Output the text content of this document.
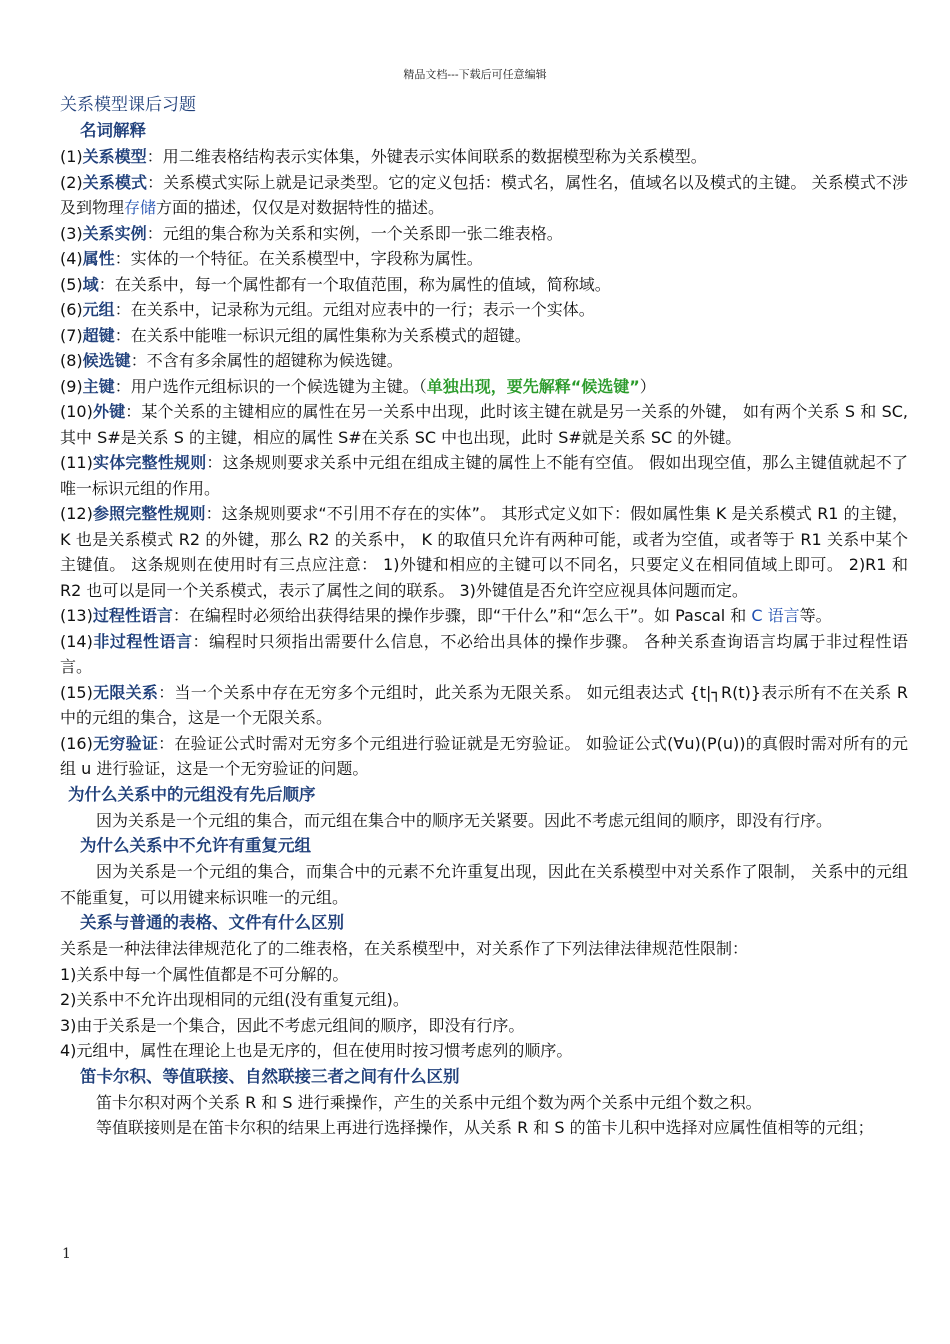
精品文档---下载后可任意编辑
关系模型课后习题
名词解释
(1)关系模型：用二维表格结构表示实体集，外键表示实体间联系的数据模型称为关系模型。
(2)关系模式：关系模式实际上就是记录类型。它的定义包括：模式名，属性名，值域名以及模式的主键。 关系模式不涉及到物理存储方面的描述，仅仅是对数据特性的描述。
(3)关系实例：元组的集合称为关系和实例，一个关系即一张二维表格。
(4)属性：实体的一个特征。在关系模型中，字段称为属性。
(5)域：在关系中，每一个属性都有一个取值范围，称为属性的值域，简称域。
(6)元组：在关系中，记录称为元组。元组对应表中的一行；表示一个实体。
(7)超键：在关系中能唯一标识元组的属性集称为关系模式的超键。
(8)候选键：不含有多余属性的超键称为候选键。
(9)主键：用户选作元组标识的一个候选键为主键。（单独出现，要先解释“候选键”）
(10)外键：某个关系的主键相应的属性在另一关系中出现，此时该主键在就是另一关系的外键， 如有两个关系 S 和 SC,其中 S#是关系 S 的主键，相应的属性 S#在关系 SC 中也出现，此时 S#就是关系 SC 的外键。
(11)实体完整性规则：这条规则要求关系中元组在组成主键的属性上不能有空值。 假如出现空值，那么主键值就起不了唯一标识元组的作用。
(12)参照完整性规则：这条规则要求“不引用不存在的实体”。 其形式定义如下：假如属性集 K 是关系模式 R1 的主键，K 也是关系模式 R2 的外键，那么 R2 的关系中， K 的取值只允许有两种可能，或者为空值，或者等于 R1 关系中某个主键值。 这条规则在使用时有三点应注意： 1)外键和相应的主键可以不同名，只要定义在相同值域上即可。 2)R1 和 R2 也可以是同一个关系模式，表示了属性之间的联系。 3)外键值是否允许空应视具体问题而定。
(13)过程性语言：在编程时必须给出获得结果的操作步骤，即“干什么”和“怎么干”。如 Pascal 和 C 语言等。
(14)非过程性语言：编程时只须指出需要什么信息，不必给出具体的操作步骤。 各种关系查询语言均属于非过程性语言。
(15)无限关系：当一个关系中存在无穷多个元组时，此关系为无限关系。 如元组表达式 {t|┐R(t)}表示所有不在关系 R 中的元组的集合，这是一个无限关系。
(16)无穷验证：在验证公式时需对无穷多个元组进行验证就是无穷验证。 如验证公式(∀u)(P(u))的真假时需对所有的元组 u 进行验证，这是一个无穷验证的问题。
为什么关系中的元组没有先后顺序
因为关系是一个元组的集合，而元组在集合中的顺序无关紧要。因此不考虑元组间的顺序，即没有行序。
为什么关系中不允许有重复元组
因为关系是一个元组的集合，而集合中的元素不允许重复出现，因此在关系模型中对关系作了限制， 关系中的元组不能重复，可以用键来标识唯一的元组。
关系与普通的表格、文件有什么区别
关系是一种法律法律规范化了的二维表格，在关系模型中，对关系作了下列法律法律规范性限制：
1)关系中每一个属性值都是不可分解的。
2)关系中不允许出现相同的元组(没有重复元组)。
3)由于关系是一个集合，因此不考虑元组间的顺序，即没有行序。
4)元组中，属性在理论上也是无序的，但在使用时按习惯考虑列的顺序。
笛卡尔积、等值联接、自然联接三者之间有什么区别
笛卡尔积对两个关系 R 和 S 进行乘操作，产生的关系中元组个数为两个关系中元组个数之积。
等值联接则是在笛卡尔积的结果上再进行选择操作，从关系 R 和 S 的笛卡儿积中选择对应属性值相等的元组；
1
